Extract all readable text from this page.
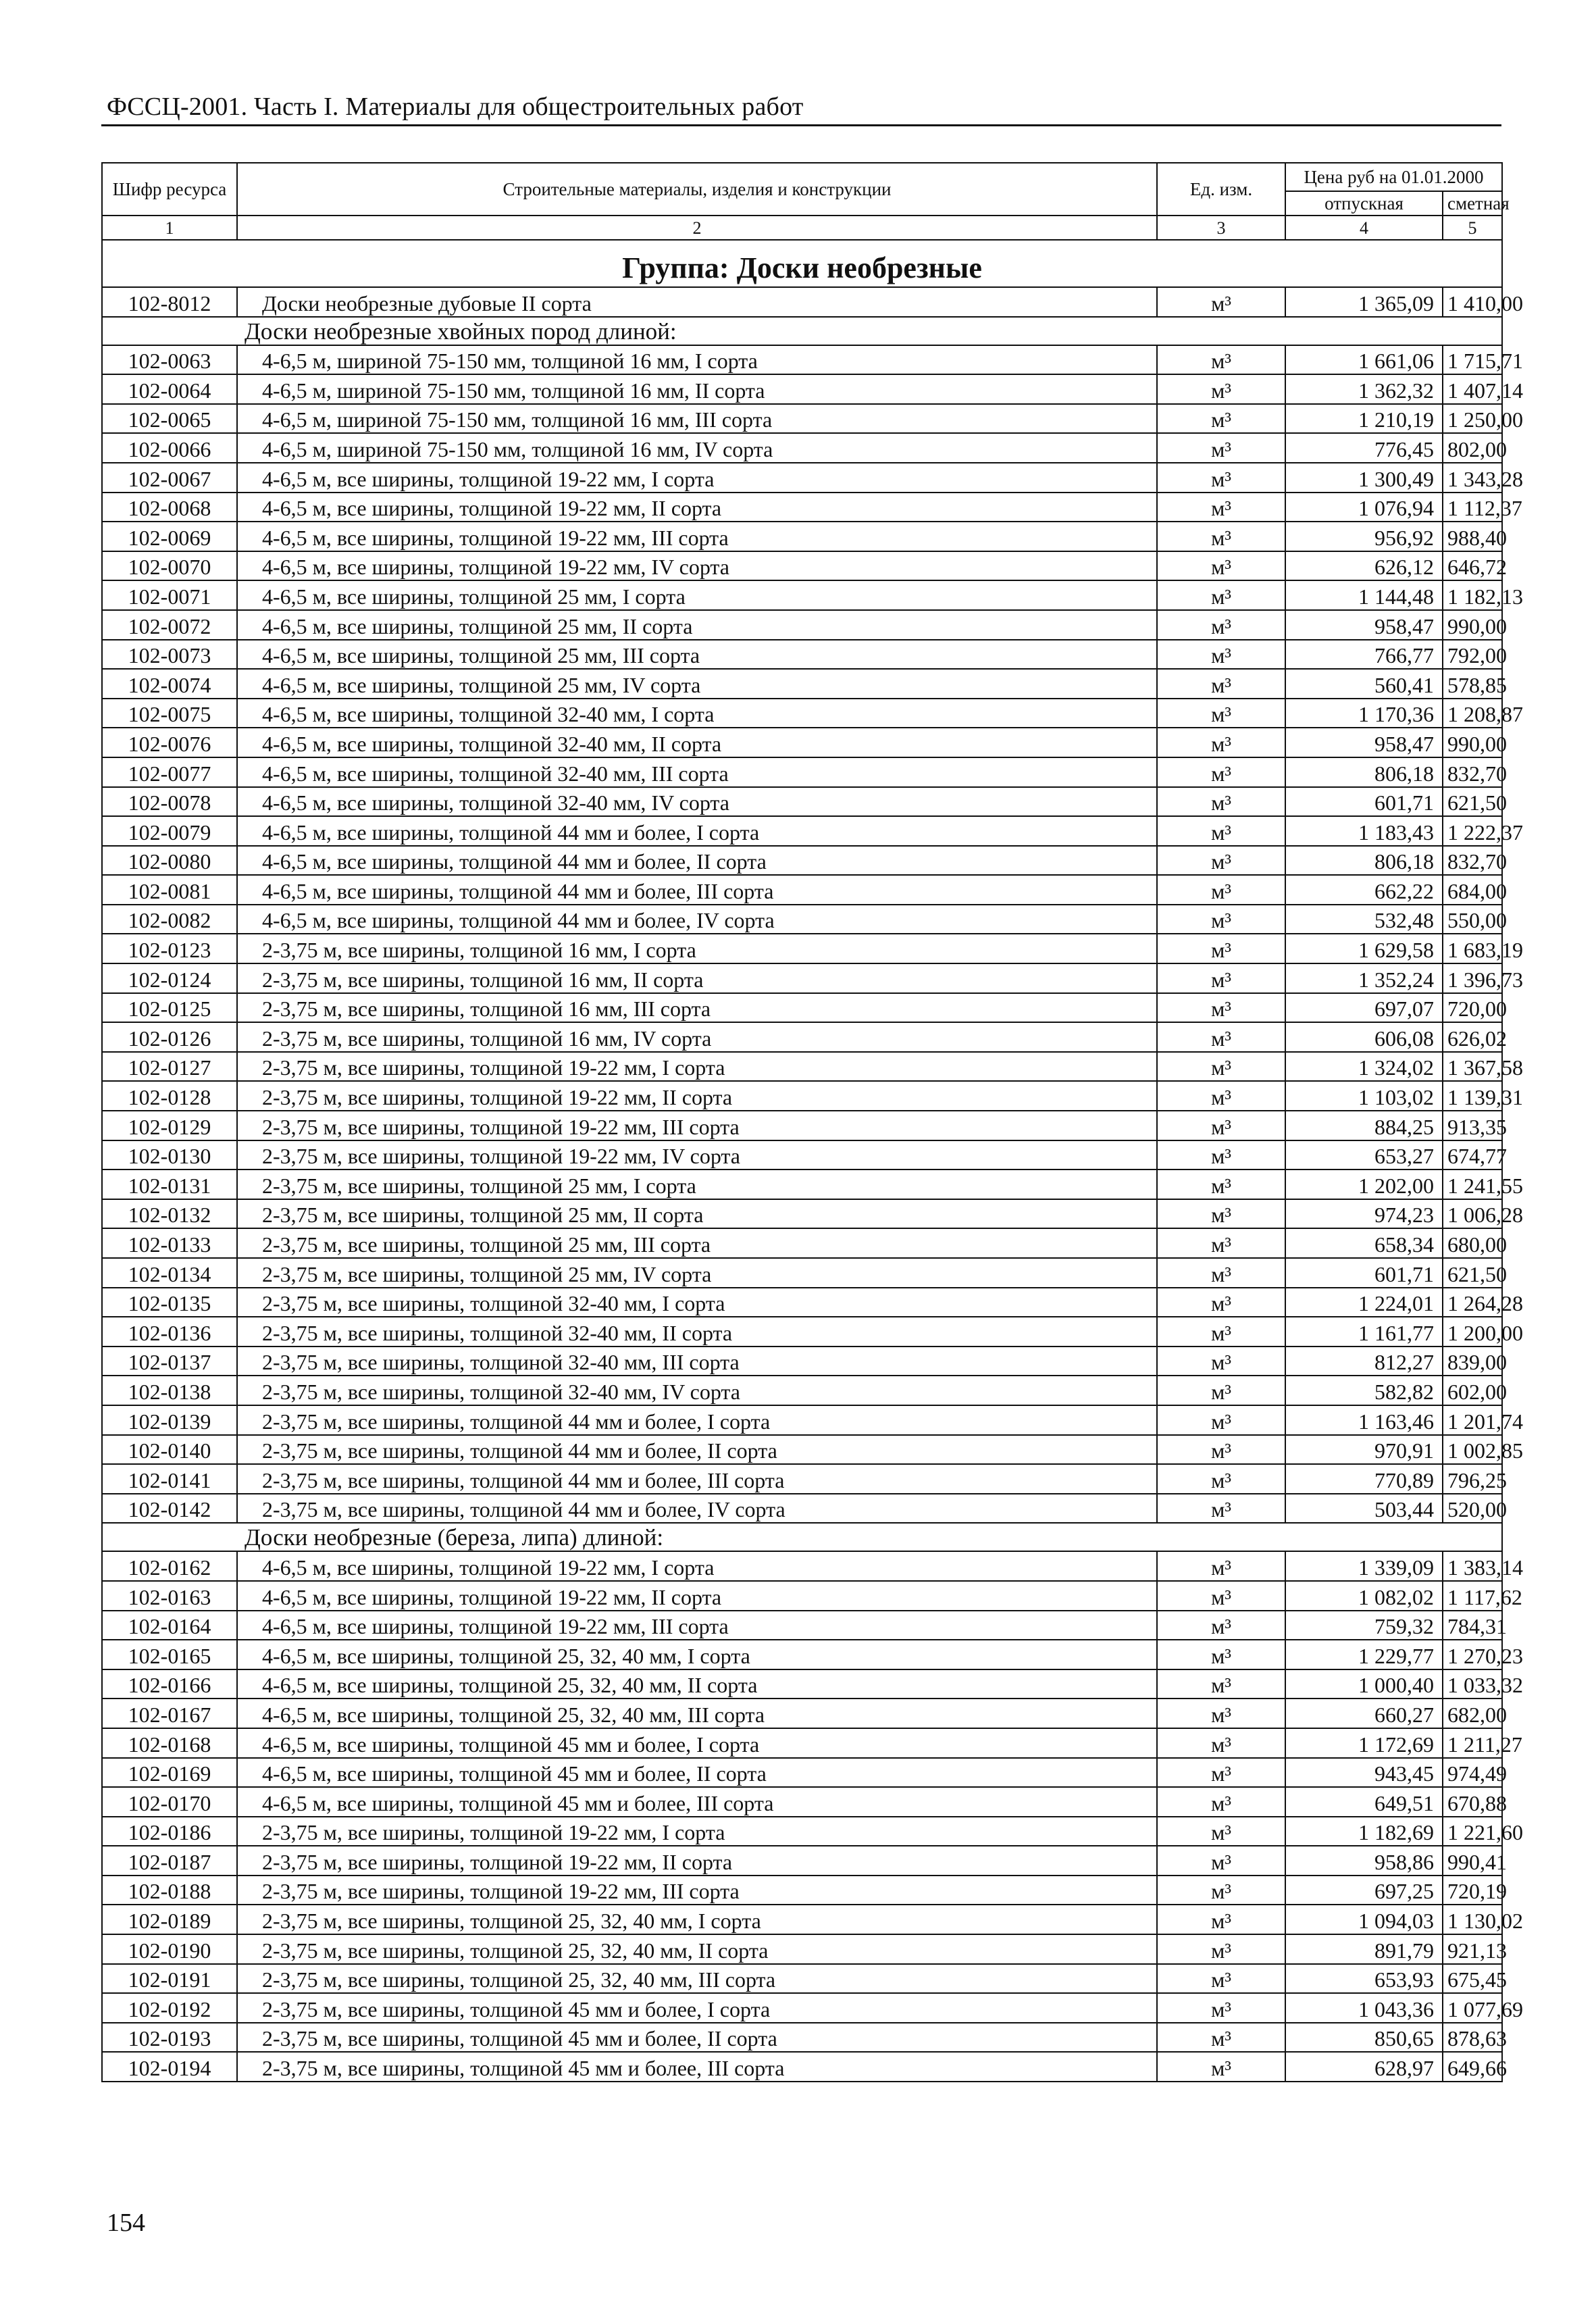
ФССЦ-2001. Часть I. Материалы для общестроительных работ
Шифр ресурса	Строительные материалы, изделия и конструкции	Ед. изм.	Цена руб на 01.01.2000	
			отпускная	сметная
1	2	3	4	5
Группа: Доски необрезные				
102-8012	Доски необрезные дубовые II сорта	м³	1 365,09	1 410,00
Доски необрезные хвойных пород длиной:				
102-0063	4-6,5 м, шириной 75-150 мм, толщиной 16 мм, I сорта	м³	1 661,06	1 715,71
102-0064	4-6,5 м, шириной 75-150 мм, толщиной 16 мм, II сорта	м³	1 362,32	1 407,14
102-0065	4-6,5 м, шириной 75-150 мм, толщиной 16 мм, III сорта	м³	1 210,19	1 250,00
102-0066	4-6,5 м, шириной 75-150 мм, толщиной 16 мм, IV сорта	м³	776,45	802,00
102-0067	4-6,5 м, все ширины, толщиной 19-22 мм, I сорта	м³	1 300,49	1 343,28
102-0068	4-6,5 м, все ширины, толщиной 19-22 мм, II сорта	м³	1 076,94	1 112,37
102-0069	4-6,5 м, все ширины, толщиной 19-22 мм, III сорта	м³	956,92	988,40
102-0070	4-6,5 м, все ширины, толщиной 19-22 мм, IV сорта	м³	626,12	646,72
102-0071	4-6,5 м, все ширины, толщиной 25 мм, I сорта	м³	1 144,48	1 182,13
102-0072	4-6,5 м, все ширины, толщиной 25 мм, II сорта	м³	958,47	990,00
102-0073	4-6,5 м, все ширины, толщиной 25 мм, III сорта	м³	766,77	792,00
102-0074	4-6,5 м, все ширины, толщиной 25 мм, IV сорта	м³	560,41	578,85
102-0075	4-6,5 м, все ширины, толщиной 32-40 мм, I сорта	м³	1 170,36	1 208,87
102-0076	4-6,5 м, все ширины, толщиной 32-40 мм, II сорта	м³	958,47	990,00
102-0077	4-6,5 м, все ширины, толщиной 32-40 мм, III сорта	м³	806,18	832,70
102-0078	4-6,5 м, все ширины, толщиной 32-40 мм, IV сорта	м³	601,71	621,50
102-0079	4-6,5 м, все ширины, толщиной 44 мм и более, I сорта	м³	1 183,43	1 222,37
102-0080	4-6,5 м, все ширины, толщиной 44 мм и более, II сорта	м³	806,18	832,70
102-0081	4-6,5 м, все ширины, толщиной 44 мм и более, III сорта	м³	662,22	684,00
102-0082	4-6,5 м, все ширины, толщиной 44 мм и более, IV сорта	м³	532,48	550,00
102-0123	2-3,75 м, все ширины, толщиной 16 мм, I сорта	м³	1 629,58	1 683,19
102-0124	2-3,75 м, все ширины, толщиной 16 мм, II сорта	м³	1 352,24	1 396,73
102-0125	2-3,75 м, все ширины, толщиной 16 мм, III сорта	м³	697,07	720,00
102-0126	2-3,75 м, все ширины, толщиной 16 мм, IV сорта	м³	606,08	626,02
102-0127	2-3,75 м, все ширины, толщиной 19-22 мм, I сорта	м³	1 324,02	1 367,58
102-0128	2-3,75 м, все ширины, толщиной 19-22 мм, II сорта	м³	1 103,02	1 139,31
102-0129	2-3,75 м, все ширины, толщиной 19-22 мм, III сорта	м³	884,25	913,35
102-0130	2-3,75 м, все ширины, толщиной 19-22 мм, IV сорта	м³	653,27	674,77
102-0131	2-3,75 м, все ширины, толщиной 25 мм, I сорта	м³	1 202,00	1 241,55
102-0132	2-3,75 м, все ширины, толщиной 25 мм, II сорта	м³	974,23	1 006,28
102-0133	2-3,75 м, все ширины, толщиной 25 мм, III сорта	м³	658,34	680,00
102-0134	2-3,75 м, все ширины, толщиной 25 мм, IV сорта	м³	601,71	621,50
102-0135	2-3,75 м, все ширины, толщиной 32-40 мм, I сорта	м³	1 224,01	1 264,28
102-0136	2-3,75 м, все ширины, толщиной 32-40 мм, II сорта	м³	1 161,77	1 200,00
102-0137	2-3,75 м, все ширины, толщиной 32-40 мм, III сорта	м³	812,27	839,00
102-0138	2-3,75 м, все ширины, толщиной 32-40 мм, IV сорта	м³	582,82	602,00
102-0139	2-3,75 м, все ширины, толщиной 44 мм и более, I сорта	м³	1 163,46	1 201,74
102-0140	2-3,75 м, все ширины, толщиной 44 мм и более, II сорта	м³	970,91	1 002,85
102-0141	2-3,75 м, все ширины, толщиной 44 мм и более, III сорта	м³	770,89	796,25
102-0142	2-3,75 м, все ширины, толщиной 44 мм и более, IV сорта	м³	503,44	520,00
Доски необрезные (береза, липа) длиной:				
102-0162	4-6,5 м, все ширины, толщиной 19-22 мм, I сорта	м³	1 339,09	1 383,14
102-0163	4-6,5 м, все ширины, толщиной 19-22 мм, II сорта	м³	1 082,02	1 117,62
102-0164	4-6,5 м, все ширины, толщиной 19-22 мм, III сорта	м³	759,32	784,31
102-0165	4-6,5 м, все ширины, толщиной 25, 32, 40 мм, I сорта	м³	1 229,77	1 270,23
102-0166	4-6,5 м, все ширины, толщиной 25, 32, 40 мм, II сорта	м³	1 000,40	1 033,32
102-0167	4-6,5 м, все ширины, толщиной 25, 32, 40 мм, III сорта	м³	660,27	682,00
102-0168	4-6,5 м, все ширины, толщиной 45 мм и более, I сорта	м³	1 172,69	1 211,27
102-0169	4-6,5 м, все ширины, толщиной 45 мм и более, II сорта	м³	943,45	974,49
102-0170	4-6,5 м, все ширины, толщиной 45 мм и более, III сорта	м³	649,51	670,88
102-0186	2-3,75 м, все ширины, толщиной 19-22 мм, I сорта	м³	1 182,69	1 221,60
102-0187	2-3,75 м, все ширины, толщиной 19-22 мм, II сорта	м³	958,86	990,41
102-0188	2-3,75 м, все ширины, толщиной 19-22 мм, III сорта	м³	697,25	720,19
102-0189	2-3,75 м, все ширины, толщиной 25, 32, 40 мм, I сорта	м³	1 094,03	1 130,02
102-0190	2-3,75 м, все ширины, толщиной 25, 32, 40 мм, II сорта	м³	891,79	921,13
102-0191	2-3,75 м, все ширины, толщиной 25, 32, 40 мм, III сорта	м³	653,93	675,45
102-0192	2-3,75 м, все ширины, толщиной 45 мм и более, I сорта	м³	1 043,36	1 077,69
102-0193	2-3,75 м, все ширины, толщиной 45 мм и более, II сорта	м³	850,65	878,63
102-0194	2-3,75 м, все ширины, толщиной 45 мм и более, III сорта	м³	628,97	649,66
154
